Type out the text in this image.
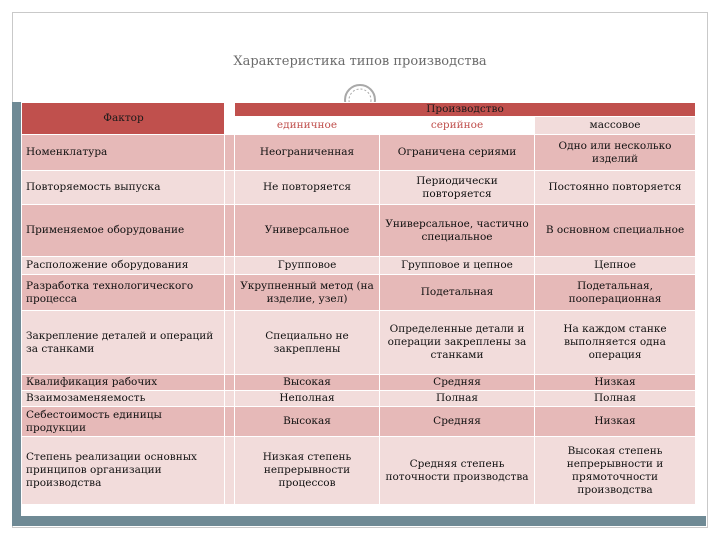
Характеристика типов производства
Фактор		Производство		
		единичное	серийное	массовое
Номенклатура		Неограниченная	Ограничена сериями	Одно или несколько изделий
Повторяемость выпуска		Не повторяется	Периодически повторяется	Постоянно повторяется
Применяемое оборудование		Универсальное	Универсальное, частично специальное	В основном специальное
Расположение оборудования		Групповое	Групповое и цепное	Цепное
Разработка технологического процесса		Укрупненный метод (на изделие, узел)	Подетальная	Подетальная, пооперационная
Закрепление деталей и операций за станками		Специально не закреплены	Определенные детали и операции закреплены за станками	На каждом станке выполняется одна операция
Квалификация рабочих		Высокая	Средняя	Низкая
Взаимозаменяемость		Неполная	Полная	Полная
Себестоимость единицы продукции		Высокая	Средняя	Низкая
Степень реализации основных принципов организации производства		Низкая степень непрерывности процессов	Средняя степень поточности производства	Высокая степень непрерывности и прямоточности производства
